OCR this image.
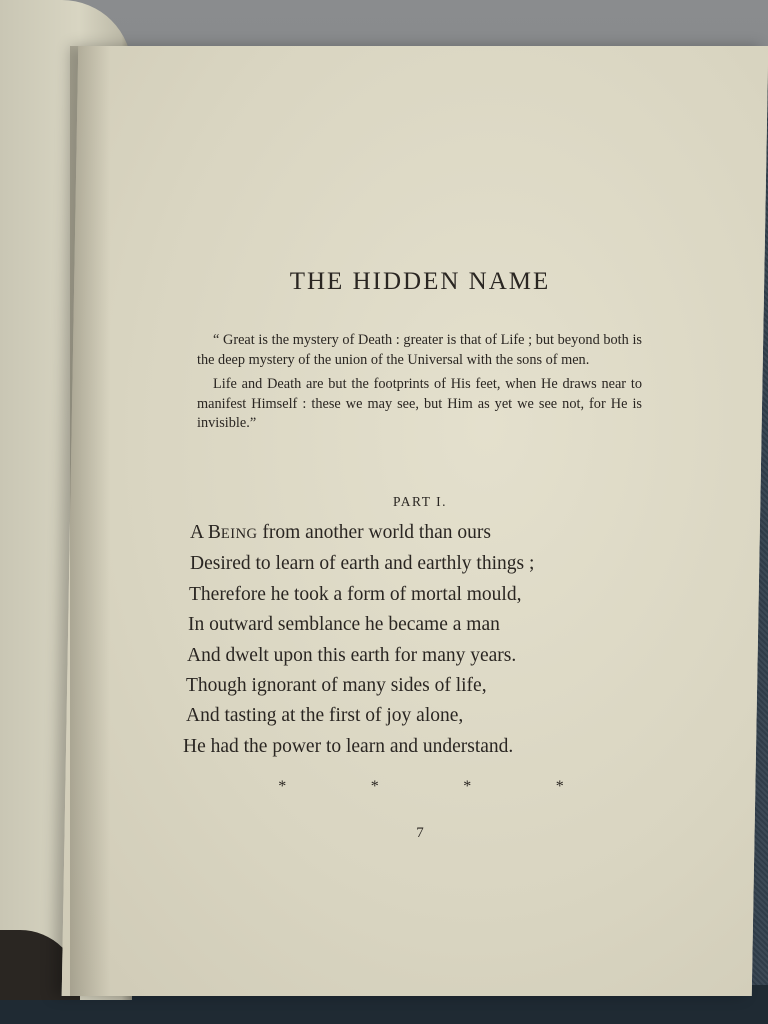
THE HIDDEN NAME

“ Great is the mystery of Death : greater is that of Life ; but beyond both is the deep mystery of the union of the Universal with the sons of men.

Life and Death are but the footprints of His feet, when He draws near to manifest Himself : these we may see, but Him as yet we see not, for He is invisible.”

PART I.
A BEING from another world than ours
Desired to learn of earth and earthly things ;
Therefore he took a form of mortal mould,
In outward semblance he became a man
And dwelt upon this earth for many years.
Though ignorant of many sides of life,
And tasting at the first of joy alone,
He had the power to learn and understand.
*	*	*	*
7
